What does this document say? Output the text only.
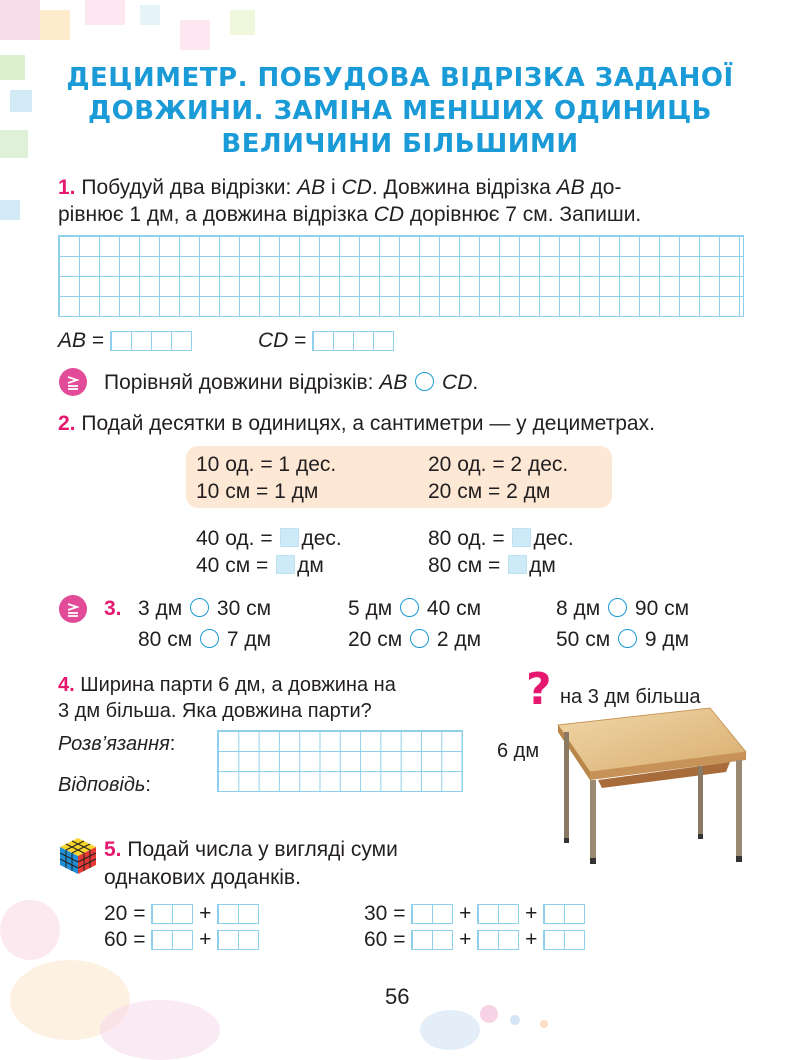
ДЕЦИМЕТР. ПОБУДОВА ВІДРІЗКА ЗАДАНОЇ
ДОВЖИНИ. ЗАМІНА МЕНШИХ ОДИНИЦЬ
ВЕЛИЧИНИ БІЛЬШИМИ
1. Побудуй два відрізки: AB і CD. Довжина відрізка AB до-
рівнює 1 дм, а довжина відрізка CD дорівнює 7 см. Запиши.
AB =	CD =
Порівняй довжини відрізків: AB CD.
2. Подай десятки в одиницях, а сантиметри — у дециметрах.
10 од. = 1 дес.	20 од. = 2 дес.
10 см = 1 дм	20 см = 2 дм
40 од. = дес.	80 од. = дес.
40 см = дм	80 см = дм
3. 3 дм 30 см	5 дм 40 см	8 дм 90 см
80 см 7 дм	20 см 2 дм	50 см 9 дм
4. Ширина парти 6 дм, а довжина на
3 дм більша. Яка довжина парти?
Розв’язання:
Відповідь:
? на 3 дм більша
6 дм
5. Подай числа у вигляді суми
однакових доданків.
20 =	+
60 =	+
30 =	+	+
60 =	+	+
56
